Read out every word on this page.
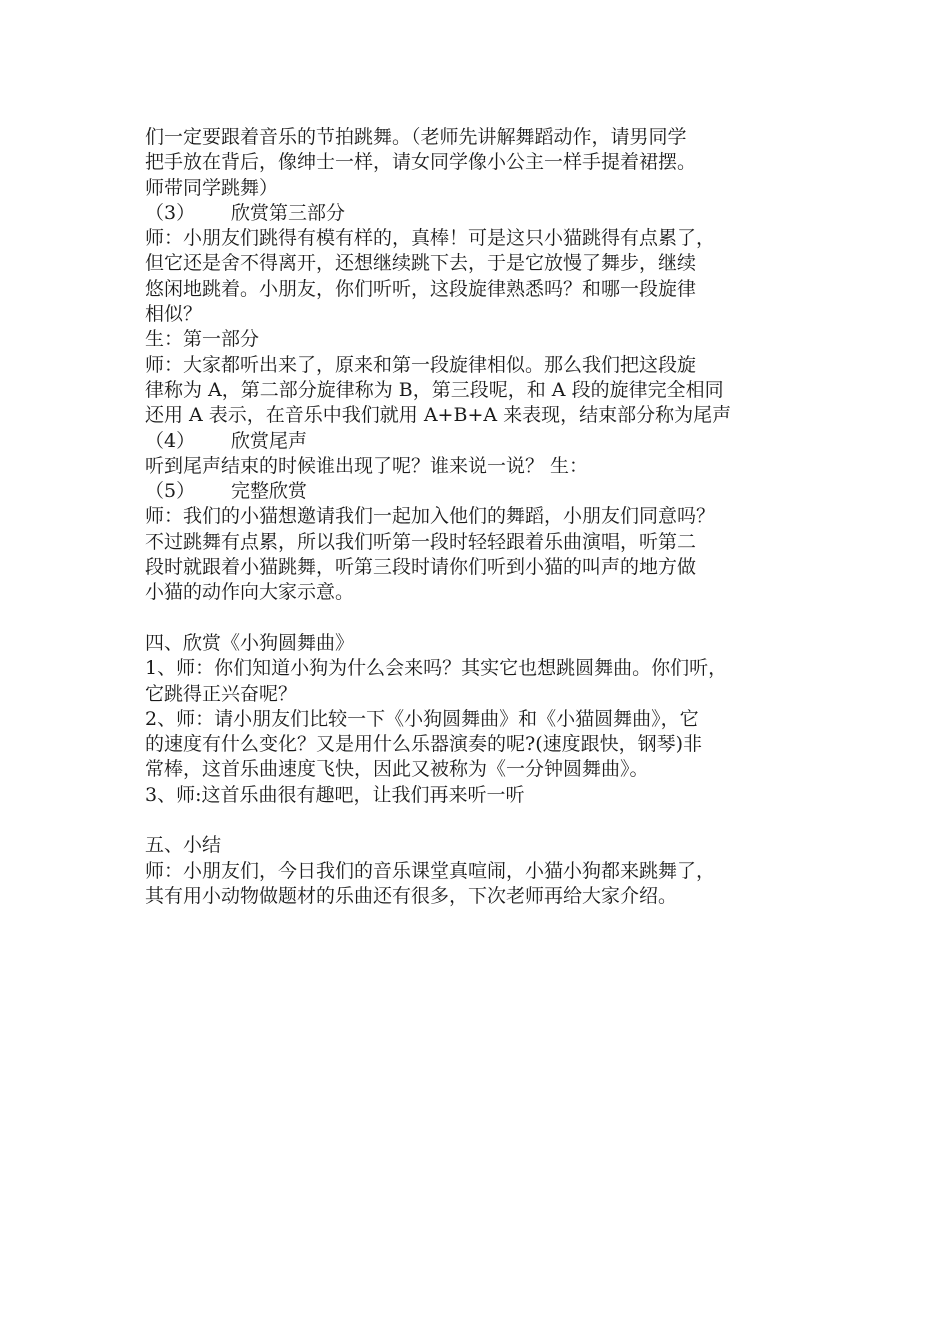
们一定要跟着音乐的节拍跳舞。（老师先讲解舞蹈动作，请男同学
把手放在背后，像绅士一样，请女同学像小公主一样手提着裙摆。
师带同学跳舞）
（3）	欣赏第三部分
师：小朋友们跳得有模有样的，真棒！可是这只小猫跳得有点累了，
但它还是舍不得离开，还想继续跳下去，于是它放慢了舞步，继续
悠闲地跳着。小朋友，你们听听，这段旋律熟悉吗？和哪一段旋律
相似？
生：第一部分
师：大家都听出来了，原来和第一段旋律相似。那么我们把这段旋
律称为 A，第二部分旋律称为 B，第三段呢，和 A 段的旋律完全相同
还用 A 表示，在音乐中我们就用 A+B+A 来表现，结束部分称为尾声
（4）	欣赏尾声
听到尾声结束的时候谁出现了呢？谁来说一说？ 生：
（5）	完整欣赏
师：我们的小猫想邀请我们一起加入他们的舞蹈，小朋友们同意吗？
不过跳舞有点累，所以我们听第一段时轻轻跟着乐曲演唱，听第二
段时就跟着小猫跳舞，听第三段时请你们听到小猫的叫声的地方做
小猫的动作向大家示意。
四、欣赏《小狗圆舞曲》
1、师：你们知道小狗为什么会来吗？其实它也想跳圆舞曲。你们听，
它跳得正兴奋呢？
2、师：请小朋友们比较一下《小狗圆舞曲》和《小猫圆舞曲》，它
的速度有什么变化？又是用什么乐器演奏的呢?(速度跟快，钢琴)非
常棒，这首乐曲速度飞快，因此又被称为《一分钟圆舞曲》。
3、师:这首乐曲很有趣吧，让我们再来听一听
五、小结
师：小朋友们，今日我们的音乐课堂真喧闹，小猫小狗都来跳舞了，
其有用小动物做题材的乐曲还有很多，下次老师再给大家介绍。
